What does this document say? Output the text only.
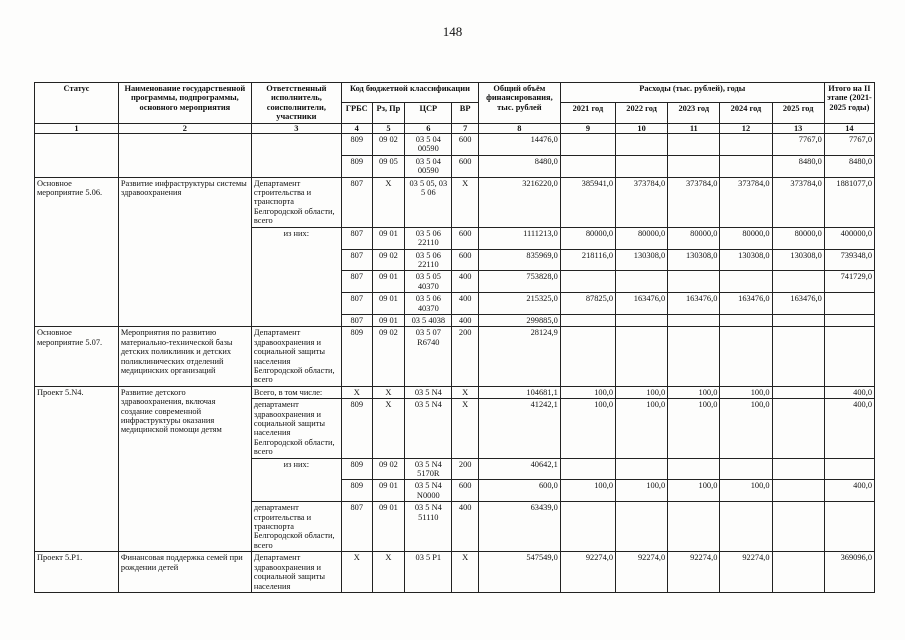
148
Статус	Наименование государственной программы, подпрограммы, основного мероприятия	Ответственный исполнитель, соисполнители, участники	Код бюджетной классификации				Общий объём финансирования, тыс. рублей	Расходы (тыс. рублей), годы					Итого на II этапе (2021-2025 годы)
			ГРБС	Рз, Пр	ЦСР	ВР		2021 год	2022 год	2023 год	2024 год	2025 год	
1	2	3	4	5	6	7	8	9	10	11	12	13	14
			809	09 02	03 5 04 00590	600	14476,0					7767,0	7767,0
			809	09 05	03 5 04 00590	600	8480,0					8480,0	8480,0
Основное мероприятие 5.06.	Развитие инфраструктуры системы здравоохранения	Департамент строительства и транспорта Белгородской области, всего	807	Х	03 5 05, 03 5 06	Х	3216220,0	385941,0	373784,0	373784,0	373784,0	373784,0	1881077,0
		из них:	807	09 01	03 5 06 22110	600	1111213,0	80000,0	80000,0	80000,0	80000,0	80000,0	400000,0
			807	09 02	03 5 06 22110	600	835969,0	218116,0	130308,0	130308,0	130308,0	130308,0	739348,0
			807	09 01	03 5 05 40370	400	753828,0						741729,0
			807	09 01	03 5 06 40370	400	215325,0	87825,0	163476,0	163476,0	163476,0	163476,0	
			807	09 01	03 5 4038	400	299885,0						
Основное мероприятие 5.07.	Мероприятия по развитию материально-технической базы детских поликлиник и детских поликлинических отделений медицинских организаций	Департамент здравоохранения и социальной защиты населения Белгородской области, всего	809	09 02	03 5 07 R6740	200	28124,9						
Проект 5.N4.	Развитие детского здравоохранения, включая создание современной инфраструктуры оказания медицинской помощи детям	Всего, в том числе:	Х	Х	03 5 N4	Х	104681,1	100,0	100,0	100,0	100,0		400,0
		департамент здравоохранения и социальной защиты населения Белгородской области, всего	809	Х	03 5 N4	Х	41242,1	100,0	100,0	100,0	100,0		400,0
		из них:	809	09 02	03 5 N4 5170R	200	40642,1						
			809	09 01	03 5 N4 N0000	600	600,0	100,0	100,0	100,0	100,0		400,0
		департамент строительства и транспорта Белгородской области, всего	807	09 01	03 5 N4 51110	400	63439,0						
Проект 5.Р1.	Финансовая поддержка семей при рождении детей	Департамент здравоохранения и социальной защиты населения	Х	Х	03 5 Р1	Х	547549,0	92274,0	92274,0	92274,0	92274,0		369096,0
